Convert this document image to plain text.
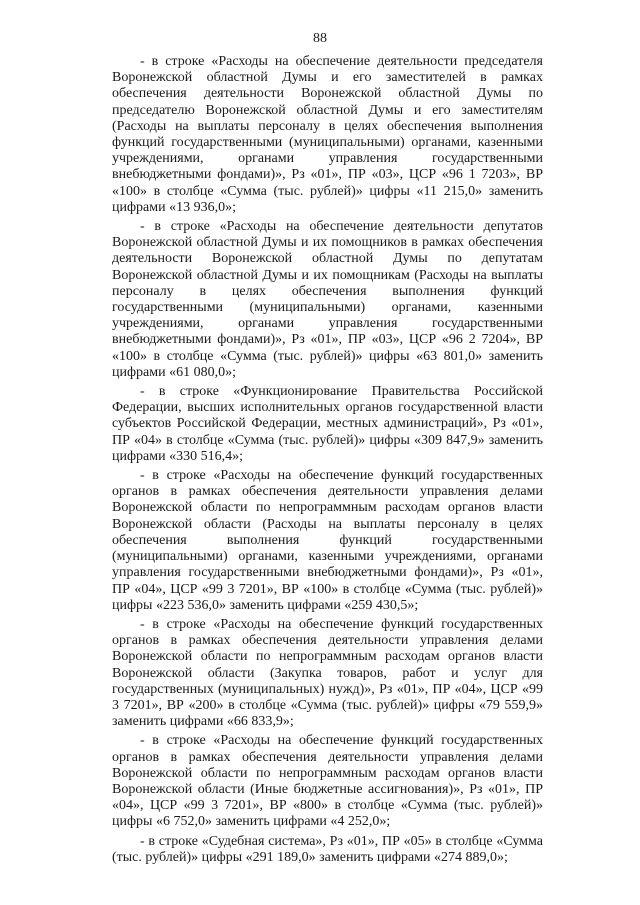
88

- в строке «Расходы на обеспечение деятельности председателя Воронежской областной Думы и его заместителей в рамках обеспечения деятельности Воронежской областной Думы по председателю Воронежской областной Думы и его заместителям (Расходы на выплаты персоналу в целях обеспечения выполнения функций государственными (муниципальными) органами, казенными учреждениями, органами управления государственными внебюджетными фондами)», Рз «01», ПР «03», ЦСР «96 1 7203», ВР «100» в столбце «Сумма (тыс. рублей)» цифры «11 215,0» заменить цифрами «13 936,0»;

- в строке «Расходы на обеспечение деятельности депутатов Воронежской областной Думы и их помощников в рамках обеспечения деятельности Воронежской областной Думы по депутатам Воронежской областной Думы и их помощникам (Расходы на выплаты персоналу в целях обеспечения выполнения функций государственными (муниципальными) органами, казенными учреждениями, органами управления государственными внебюджетными фондами)», Рз «01», ПР «03», ЦСР «96 2 7204», ВР «100» в столбце «Сумма (тыс. рублей)» цифры «63 801,0» заменить цифрами «61 080,0»;

- в строке «Функционирование Правительства Российской Федерации, высших исполнительных органов государственной власти субъектов Российской Федерации, местных администраций», Рз «01», ПР «04» в столбце «Сумма (тыс. рублей)» цифры «309 847,9» заменить цифрами «330 516,4»;

- в строке «Расходы на обеспечение функций государственных органов в рамках обеспечения деятельности управления делами Воронежской области по непрограммным расходам органов власти Воронежской области (Расходы на выплаты персоналу в целях обеспечения выполнения функций государственными (муниципальными) органами, казенными учреждениями, органами управления государственными внебюджетными фондами)», Рз «01», ПР «04», ЦСР «99 3 7201», ВР «100» в столбце «Сумма (тыс. рублей)» цифры «223 536,0» заменить цифрами «259 430,5»;

- в строке «Расходы на обеспечение функций государственных органов в рамках обеспечения деятельности управления делами Воронежской области по непрограммным расходам органов власти Воронежской области (Закупка товаров, работ и услуг для государственных (муниципальных) нужд)», Рз «01», ПР «04», ЦСР «99 3 7201», ВР «200» в столбце «Сумма (тыс. рублей)» цифры «79 559,9» заменить цифрами «66 833,9»;

- в строке «Расходы на обеспечение функций государственных органов в рамках обеспечения деятельности управления делами Воронежской области по непрограммным расходам органов власти Воронежской области (Иные бюджетные ассигнования)», Рз «01», ПР «04», ЦСР «99 3 7201», ВР «800» в столбце «Сумма (тыс. рублей)» цифры «6 752,0» заменить цифрами «4 252,0»;

- в строке «Судебная система», Рз «01», ПР «05» в столбце «Сумма (тыс. рублей)» цифры «291 189,0» заменить цифрами «274 889,0»;
